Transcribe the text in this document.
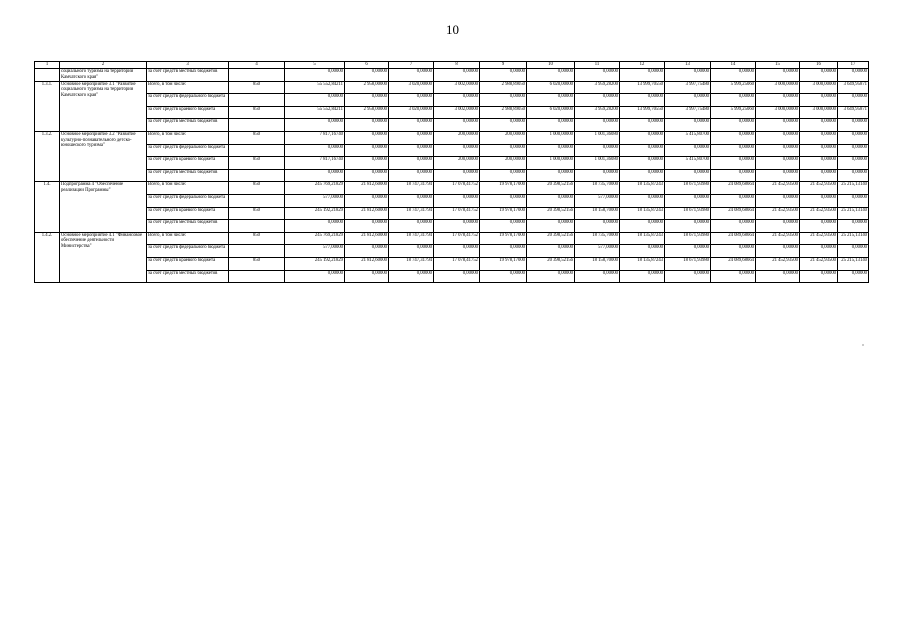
10
1	2	3	4	5	6	7	8	9	10	11	12	13	14	15	16	17
	социального туризма на территории Камчатского края"	за счет средств местных бюджетов		0,00000	0,00000	0,00000	0,00000	0,00000	0,00000	0,00000	0,00000	0,00000	0,00000	0,00000	0,00000	0,00000
1.3.1.	Основное мероприятие 3.1 "Развитие социального туризма на территории Камчатского края"	Всего, в том числе:	850	55 552,84211	2 958,00000	3 020,00000	3 002,00000	2 988,89050	6 020,00000	3 959,28200	13 999,70550	3 997,75480	5 999,25060	3 000,00000	3 000,00000	3 649,95871
		за счет средств федерального бюджета		0,00000	0,00000	0,00000	0,00000	0,00000	0,00000	0,00000	0,00000	0,00000	0,00000	0,00000	0,00000	0,00000
		за счет средств краевого бюджета	850	55 552,84211	2 958,00000	3 020,00000	3 002,00000	2 988,89050	6 020,00000	3 959,28200	13 999,70550	3 997,75480	5 999,25060	3 000,00000	3 000,00000	3 649,95871
		за счет средств местных бюджетов		0,00000	0,00000	0,00000	0,00000	0,00000	0,00000	0,00000	0,00000	0,00000	0,00000	0,00000	0,00000	0,00000
1.3.2.	Основное мероприятие 3.2 "Развитие культурно-познавательного детско-юношеского туризма"	Всего, в том числе:	850	7 817,16740	0,00000	0,00000	200,00000	200,00000	1 000,00000	1 001,36080	0,00000	5 415,80700	0,00000	0,00000	0,00000	0,00000
		за счет средств федерального бюджета		0,00000	0,00000	0,00000	0,00000	0,00000	0,00000	0,00000	0,00000	0,00000	0,00000	0,00000	0,00000	0,00000
		за счет средств краевого бюджета	850	7 817,16740	0,00000	0,00000	200,00000	200,00000	1 000,00000	1 001,36080	0,00000	5 415,80700	0,00000	0,00000	0,00000	0,00000
		за счет средств местных бюджетов		0,00000	0,00000	0,00000	0,00000	0,00000	0,00000	0,00000	0,00000	0,00000	0,00000	0,00000	0,00000	0,00000
1.4.	Подпрограмма 4 "Обеспечение реализации Программы"	Всего, в том числе:	850	245 769,21829	21 812,60000	18 747,31794	17 078,41752	19 978,17000	20 398,52156	18 735,70000	18 135,87243	18 671,93980	24 089,68664	21 452,93500	21 452,93500	25 215,13140
		за счет средств федерального бюджета		577,00000	0,00000	0,00000	0,00000	0,00000	0,00000	577,00000	0,00000	0,00000	0,00000	0,00000	0,00000	0,00000
		за счет средств краевого бюджета	850	245 192,21829	21 812,60000	18 747,31794	17 078,41752	19 978,17000	20 398,52156	18 158,70000	18 135,87243	18 671,93980	24 089,68664	21 452,93500	21 452,93500	25 215,13140
		за счет средств местных бюджетов		0,00000	0,00000	0,00000	0,00000	0,00000	0,00000	0,00000	0,00000	0,00000	0,00000	0,00000	0,00000	0,00000
1.4.2.	Основное мероприятие 4.1 "Финансовое обеспечение деятельности Министерства"	Всего, в том числе:	850	245 769,21829	21 812,60000	18 747,31794	17 078,41752	19 978,17000	20 398,52156	18 735,70000	18 135,87243	18 671,93980	24 089,68664	21 452,93500	21 452,93500	25 215,13140
		за счет средств федерального бюджета		577,00000	0,00000	0,00000	0,00000	0,00000	0,00000	577,00000	0,00000	0,00000	0,00000	0,00000	0,00000	0,00000
		за счет средств краевого бюджета	850	245 192,21829	21 812,60000	18 747,31794	17 078,41752	19 978,17000	20 398,52156	18 158,70000	18 135,87243	18 671,93980	24 089,68664	21 452,93500	21 452,93500	25 215,13140
		за счет средств местных бюджетов		0,00000	0,00000	0,00000	0,00000	0,00000	0,00000	0,00000	0,00000	0,00000	0,00000	0,00000	0,00000	0,00000
"
